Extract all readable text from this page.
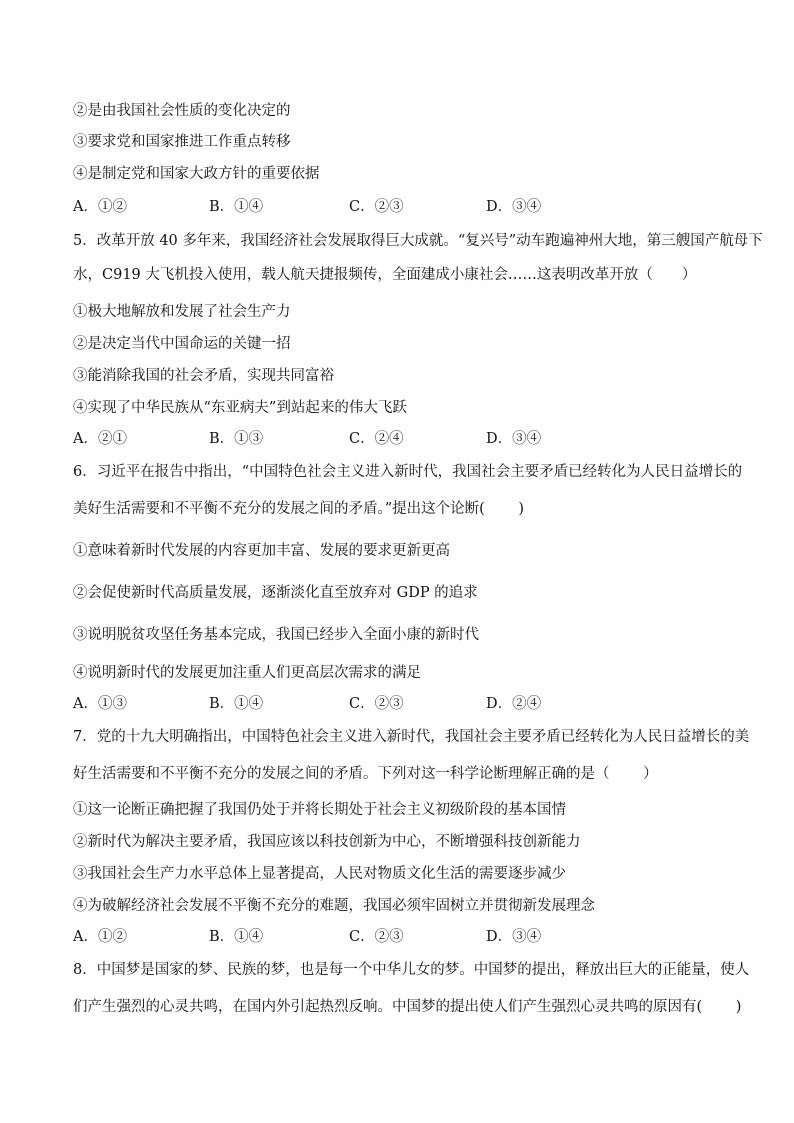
②是由我国社会性质的变化决定的
③要求党和国家推进工作重点转移
④是制定党和国家大政方针的重要依据
A．①②	B．①④	C．②③	D．③④
5．改革开放 40 多年来，我国经济社会发展取得巨大成就。“复兴号”动车跑遍神州大地，第三艘国产航母下
水，C919 大飞机投入使用，载人航天捷报频传，全面建成小康社会……这表明改革开放（　　）
①极大地解放和发展了社会生产力
②是决定当代中国命运的关键一招
③能消除我国的社会矛盾，实现共同富裕
④实现了中华民族从“东亚病夫”到站起来的伟大飞跃
A．②①	B．①③	C．②④	D．③④
6．习近平在报告中指出，“中国特色社会主义进入新时代，我国社会主要矛盾已经转化为人民日益增长的
美好生活需要和不平衡不充分的发展之间的矛盾。”提出这个论断(　　 )
①意味着新时代发展的内容更加丰富、发展的要求更新更高
②会促使新时代高质量发展，逐渐淡化直至放弃对 GDP 的追求
③说明脱贫攻坚任务基本完成，我国已经步入全面小康的新时代
④说明新时代的发展更加注重人们更高层次需求的满足
A．①③	B．①④	C．②③	D．②④
7．党的十九大明确指出，中国特色社会主义进入新时代，我国社会主要矛盾已经转化为人民日益增长的美
好生活需要和不平衡不充分的发展之间的矛盾。下列对这一科学论断理解正确的是（　　 ）
①这一论断正确把握了我国仍处于并将长期处于社会主义初级阶段的基本国情
②新时代为解决主要矛盾，我国应该以科技创新为中心，不断增强科技创新能力
③我国社会生产力水平总体上显著提高，人民对物质文化生活的需要逐步减少
④为破解经济社会发展不平衡不充分的难题，我国必须牢固树立并贯彻新发展理念
A．①②	B．①④	C．②③	D．③④
8．中国梦是国家的梦、民族的梦，也是每一个中华儿女的梦。中国梦的提出，释放出巨大的正能量，使人
们产生强烈的心灵共鸣，在国内外引起热烈反响。中国梦的提出使人们产生强烈心灵共鸣的原因有(　　 )
